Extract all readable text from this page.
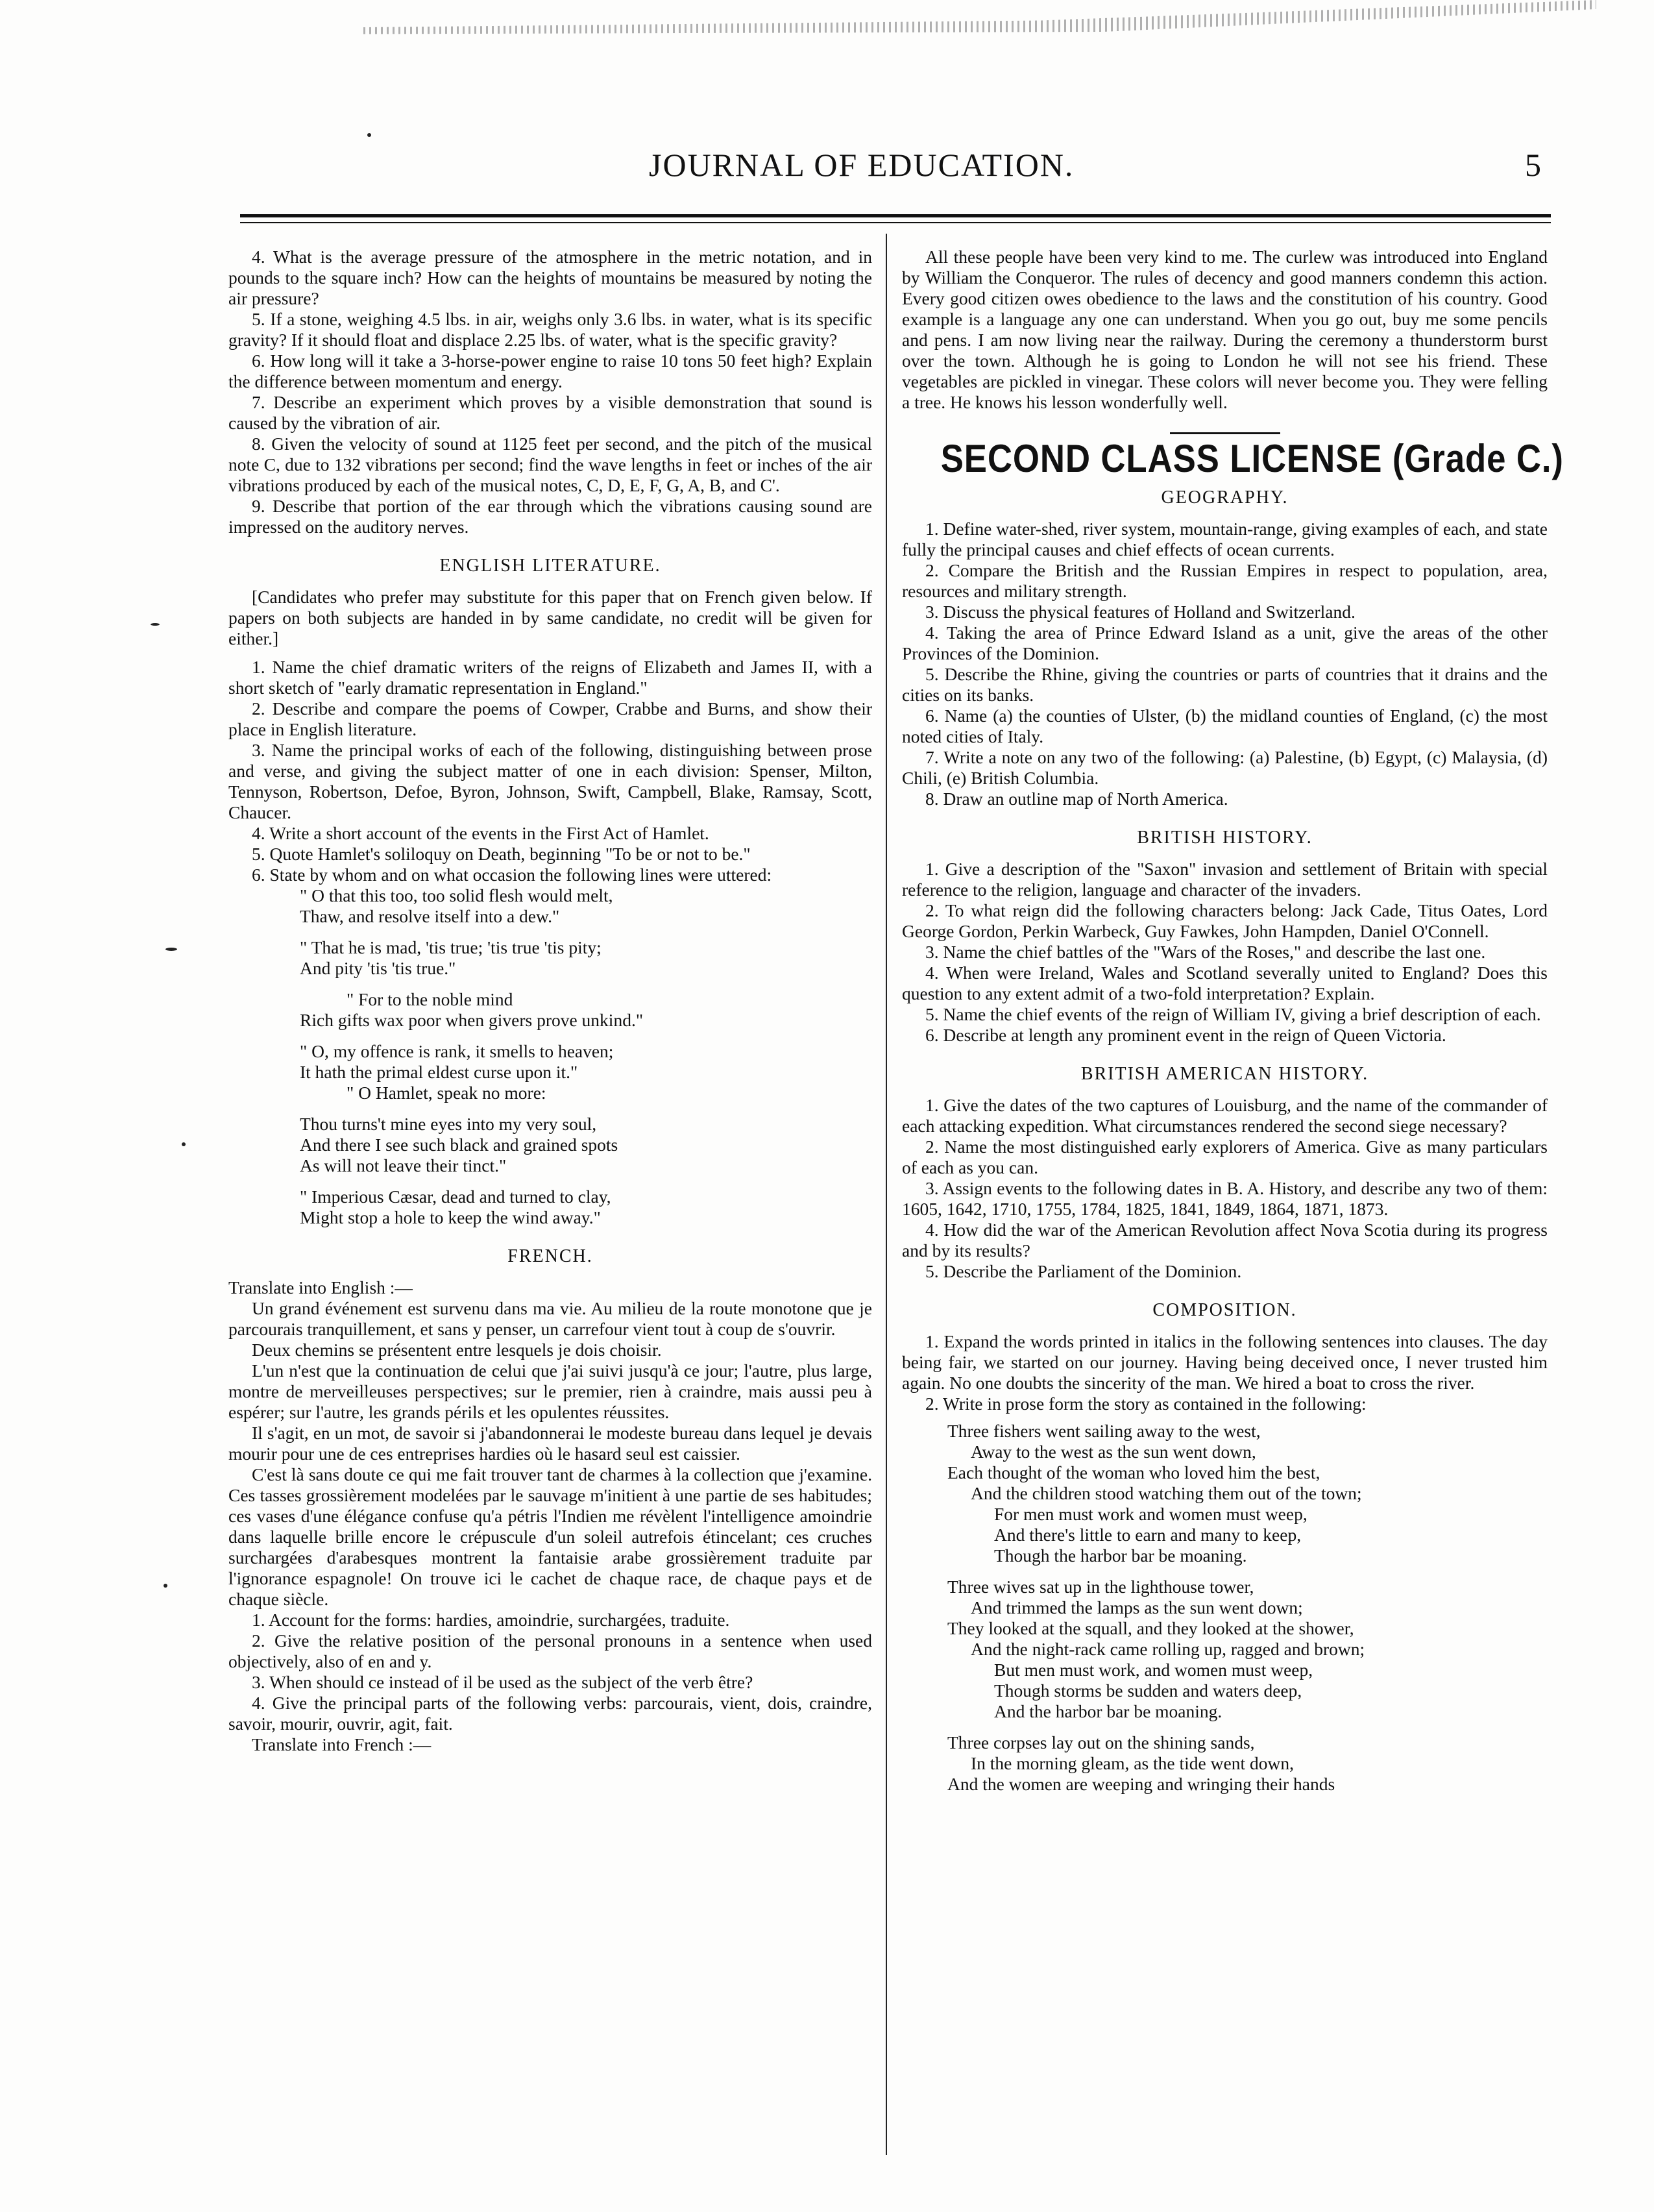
JOURNAL OF EDUCATION.	5

4. What is the average pressure of the atmosphere in the metric notation, and in pounds to the square inch? How can the heights of mountains be measured by noting the air pressure?

5. If a stone, weighing 4.5 lbs. in air, weighs only 3.6 lbs. in water, what is its specific gravity? If it should float and displace 2.25 lbs. of water, what is the specific gravity?

6. How long will it take a 3-horse-power engine to raise 10 tons 50 feet high? Explain the difference between momentum and energy.

7. Describe an experiment which proves by a visible demonstration that sound is caused by the vibration of air.

8. Given the velocity of sound at 1125 feet per second, and the pitch of the musical note C, due to 132 vibrations per second; find the wave lengths in feet or inches of the air vibrations produced by each of the musical notes, C, D, E, F, G, A, B, and C'.

9. Describe that portion of the ear through which the vibrations causing sound are impressed on the auditory nerves.

ENGLISH LITERATURE.

[Candidates who prefer may substitute for this paper that on French given below. If papers on both subjects are handed in by same candidate, no credit will be given for either.]

1. Name the chief dramatic writers of the reigns of Elizabeth and James II, with a short sketch of "early dramatic representation in England."

2. Describe and compare the poems of Cowper, Crabbe and Burns, and show their place in English literature.

3. Name the principal works of each of the following, distinguishing between prose and verse, and giving the subject matter of one in each division: Spenser, Milton, Tennyson, Robertson, Defoe, Byron, Johnson, Swift, Campbell, Blake, Ramsay, Scott, Chaucer.

4. Write a short account of the events in the First Act of Hamlet.

5. Quote Hamlet's soliloquy on Death, beginning "To be or not to be."

6. State by whom and on what occasion the following lines were uttered:

" O that this too, too solid flesh would melt,
Thaw, and resolve itself into a dew."
" That he is mad, 'tis true; 'tis true 'tis pity;
And pity 'tis 'tis true."
" For to the noble mind
Rich gifts wax poor when givers prove unkind."
" O, my offence is rank, it smells to heaven;
It hath the primal eldest curse upon it."
" O Hamlet, speak no more:
Thou turns't mine eyes into my very soul,
And there I see such black and grained spots
As will not leave their tinct."
" Imperious Cæsar, dead and turned to clay,
Might stop a hole to keep the wind away."
FRENCH.

Translate into English :—

Un grand événement est survenu dans ma vie. Au milieu de la route monotone que je parcourais tranquillement, et sans y penser, un carrefour vient tout à coup de s'ouvrir.

Deux chemins se présentent entre lesquels je dois choisir.

L'un n'est que la continuation de celui que j'ai suivi jusqu'à ce jour; l'autre, plus large, montre de merveilleuses perspectives; sur le premier, rien à craindre, mais aussi peu à espérer; sur l'autre, les grands périls et les opulentes réussites.

Il s'agit, en un mot, de savoir si j'abandonnerai le modeste bureau dans lequel je devais mourir pour une de ces entreprises hardies où le hasard seul est caissier.

C'est là sans doute ce qui me fait trouver tant de charmes à la collection que j'examine. Ces tasses grossièrement modelées par le sauvage m'initient à une partie de ses habitudes; ces vases d'une élégance confuse qu'a pétris l'Indien me révèlent l'intelligence amoindrie dans laquelle brille encore le crépuscule d'un soleil autrefois étincelant; ces cruches surchargées d'arabesques montrent la fantaisie arabe grossièrement traduite par l'ignorance espagnole! On trouve ici le cachet de chaque race, de chaque pays et de chaque siècle.

1. Account for the forms: hardies, amoindrie, surchargées, traduite.

2. Give the relative position of the personal pronouns in a sentence when used objectively, also of en and y.

3. When should ce instead of il be used as the subject of the verb être?

4. Give the principal parts of the following verbs: parcourais, vient, dois, craindre, savoir, mourir, ouvrir, agit, fait.

Translate into French :—

All these people have been very kind to me. The curlew was introduced into England by William the Conqueror. The rules of decency and good manners condemn this action. Every good citizen owes obedience to the laws and the constitution of his country. Good example is a language any one can understand. When you go out, buy me some pencils and pens. I am now living near the railway. During the ceremony a thunderstorm burst over the town. Although he is going to London he will not see his friend. These vegetables are pickled in vinegar. These colors will never become you. They were felling a tree. He knows his lesson wonderfully well.

SECOND CLASS LICENSE (Grade C.)
GEOGRAPHY.

1. Define water-shed, river system, mountain-range, giving examples of each, and state fully the principal causes and chief effects of ocean currents.

2. Compare the British and the Russian Empires in respect to population, area, resources and military strength.

3. Discuss the physical features of Holland and Switzerland.

4. Taking the area of Prince Edward Island as a unit, give the areas of the other Provinces of the Dominion.

5. Describe the Rhine, giving the countries or parts of countries that it drains and the cities on its banks.

6. Name (a) the counties of Ulster, (b) the midland counties of England, (c) the most noted cities of Italy.

7. Write a note on any two of the following: (a) Palestine, (b) Egypt, (c) Malaysia, (d) Chili, (e) British Columbia.

8. Draw an outline map of North America.

BRITISH HISTORY.

1. Give a description of the "Saxon" invasion and settlement of Britain with special reference to the religion, language and character of the invaders.

2. To what reign did the following characters belong: Jack Cade, Titus Oates, Lord George Gordon, Perkin Warbeck, Guy Fawkes, John Hampden, Daniel O'Connell.

3. Name the chief battles of the "Wars of the Roses," and describe the last one.

4. When were Ireland, Wales and Scotland severally united to England? Does this question to any extent admit of a two-fold interpretation? Explain.

5. Name the chief events of the reign of William IV, giving a brief description of each.

6. Describe at length any prominent event in the reign of Queen Victoria.

BRITISH AMERICAN HISTORY.

1. Give the dates of the two captures of Louisburg, and the name of the commander of each attacking expedition. What circumstances rendered the second siege necessary?

2. Name the most distinguished early explorers of America. Give as many particulars of each as you can.

3. Assign events to the following dates in B. A. History, and describe any two of them: 1605, 1642, 1710, 1755, 1784, 1825, 1841, 1849, 1864, 1871, 1873.

4. How did the war of the American Revolution affect Nova Scotia during its progress and by its results?

5. Describe the Parliament of the Dominion.

COMPOSITION.

1. Expand the words printed in italics in the following sentences into clauses. The day being fair, we started on our journey. Having being deceived once, I never trusted him again. No one doubts the sincerity of the man. We hired a boat to cross the river.

2. Write in prose form the story as contained in the following:

Three fishers went sailing away to the west,
Away to the west as the sun went down,
Each thought of the woman who loved him the best,
And the children stood watching them out of the town;
For men must work and women must weep,
And there's little to earn and many to keep,
Though the harbor bar be moaning.
Three wives sat up in the lighthouse tower,
And trimmed the lamps as the sun went down;
They looked at the squall, and they looked at the shower,
And the night-rack came rolling up, ragged and brown;
But men must work, and women must weep,
Though storms be sudden and waters deep,
And the harbor bar be moaning.
Three corpses lay out on the shining sands,
In the morning gleam, as the tide went down,
And the women are weeping and wringing their hands
